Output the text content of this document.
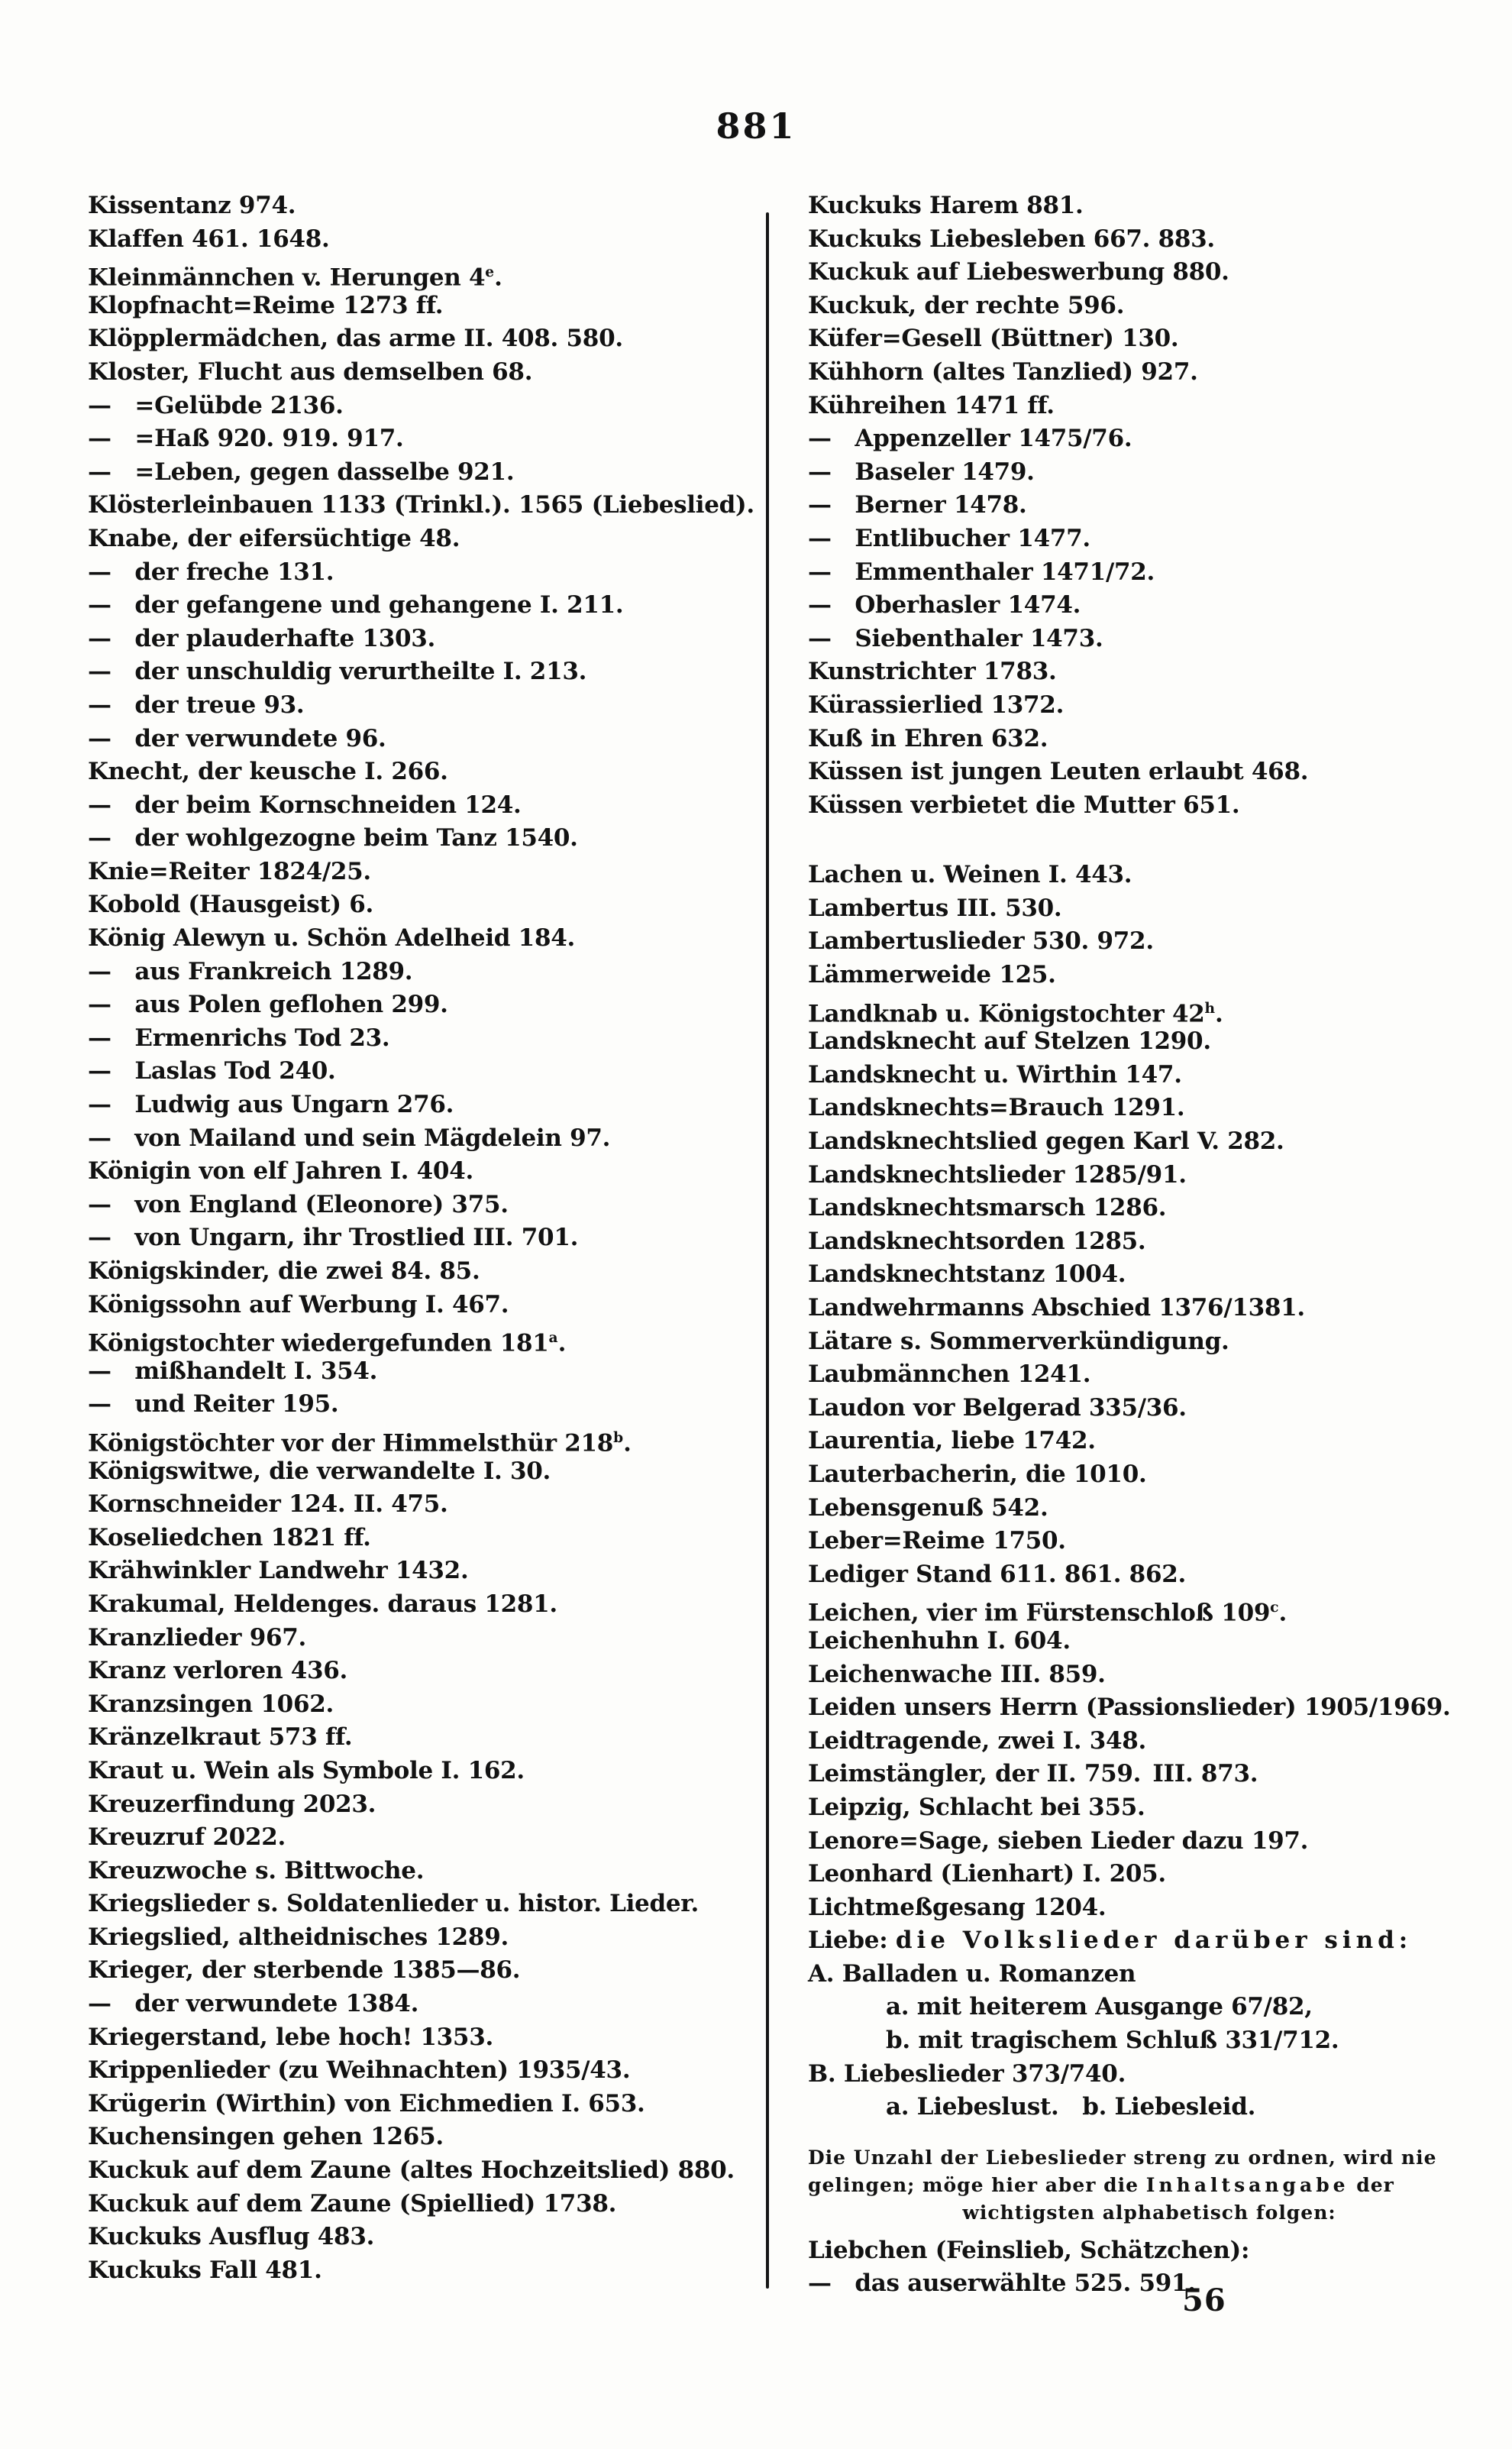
881
Kissentanz 974.
Klaffen 461. 1648.
Kleinmännchen v. Herungen 4e.
Klopfnacht=Reime 1273 ff.
Klöpplermädchen, das arme II. 408. 580.
Kloster, Flucht aus demselben 68.
— =Gelübde 2136.
— =Haß 920. 919. 917.
— =Leben, gegen dasselbe 921.
Klösterleinbauen 1133 (Trinkl.). 1565 (Liebeslied).
Knabe, der eifersüchtige 48.
— der freche 131.
— der gefangene und gehangene I. 211.
— der plauderhafte 1303.
— der unschuldig verurtheilte I. 213.
— der treue 93.
— der verwundete 96.
Knecht, der keusche I. 266.
— der beim Kornschneiden 124.
— der wohlgezogne beim Tanz 1540.
Knie=Reiter 1824/25.
Kobold (Hausgeist) 6.
König Alewyn u. Schön Adelheid 184.
— aus Frankreich 1289.
— aus Polen geflohen 299.
— Ermenrichs Tod 23.
— Laslas Tod 240.
— Ludwig aus Ungarn 276.
— von Mailand und sein Mägdelein 97.
Königin von elf Jahren I. 404.
— von England (Eleonore) 375.
— von Ungarn, ihr Trostlied III. 701.
Königskinder, die zwei 84. 85.
Königssohn auf Werbung I. 467.
Königstochter wiedergefunden 181$^a$.
— mißhandelt I. 354.
— und Reiter 195.
Königstöchter vor der Himmelsthür 218$^b$.
Königswitwe, die verwandelte I. 30.
Kornschneider 124. II. 475.
Koseliedchen 1821 ff.
Krähwinkler Landwehr 1432.
Krakumal, Heldenges. daraus 1281.
Kranzlieder 967.
Kranz verloren 436.
Kranzsingen 1062.
Kränzelkraut 573 ff.
Kraut u. Wein als Symbole I. 162.
Kreuzerfindung 2023.
Kreuzruf 2022.
Kreuzwoche s. Bittwoche.
Kriegslieder s. Soldatenlieder u. histor. Lieder.
Kriegslied, altheidnisches 1289.
Krieger, der sterbende 1385—86.
— der verwundete 1384.
Kriegerstand, lebe hoch! 1353.
Krippenlieder (zu Weihnachten) 1935/43.
Krügerin (Wirthin) von Eichmedien I. 653.
Kuchensingen gehen 1265.
Kuckuk auf dem Zaune (altes Hochzeitslied) 880.
Kuckuk auf dem Zaune (Spiellied) 1738.
Kuckuks Ausflug 483.
Kuckuks Fall 481.
Kuckuks Harem 881.
Kuckuks Liebesleben 667. 883.
Kuckuk auf Liebeswerbung 880.
Kuckuk, der rechte 596.
Küfer=Gesell (Büttner) 130.
Kühhorn (altes Tanzlied) 927.
Kühreihen 1471 ff.
— Appenzeller 1475/76.
— Baseler 1479.
— Berner 1478.
— Entlibucher 1477.
— Emmenthaler 1471/72.
— Oberhasler 1474.
— Siebenthaler 1473.
Kunstrichter 1783.
Kürassierlied 1372.
Kuß in Ehren 632.
Küssen ist jungen Leuten erlaubt 468.
Küssen verbietet die Mutter 651.
Lachen u. Weinen I. 443.
Lambertus III. 530.
Lambertuslieder 530. 972.
Lämmerweide 125.
Landknab u. Königstochter 42$^h$.
Landsknecht auf Stelzen 1290.
Landsknecht u. Wirthin 147.
Landsknechts=Brauch 1291.
Landsknechtslied gegen Karl V. 282.
Landsknechtslieder 1285/91.
Landsknechtsmarsch 1286.
Landsknechtsorden 1285.
Landsknechtstanz 1004.
Landwehrmanns Abschied 1376/1381.
Lätare s. Sommerverkündigung.
Laubmännchen 1241.
Laudon vor Belgerad 335/36.
Laurentia, liebe 1742.
Lauterbacherin, die 1010.
Lebensgenuß 542.
Leber=Reime 1750.
Lediger Stand 611. 861. 862.
Leichen, vier im Fürstenschloß 109$^c$.
Leichenhuhn I. 604.
Leichenwache III. 859.
Leiden unsers Herrn (Passionslieder) 1905/1969.
Leidtragende, zwei I. 348.
Leimstängler, der II. 759. III. 873.
Leipzig, Schlacht bei 355.
Lenore=Sage, sieben Lieder dazu 197.
Leonhard (Lienhart) I. 205.
Lichtmeßgesang 1204.
Liebe: die Volkslieder darüber sind:
A. Balladen u. Romanzen
a. mit heiterem Ausgange 67/82,
b. mit tragischem Schluß 331/712.
B. Liebeslieder 373/740.
a. Liebeslust. b. Liebesleid.
Die Unzahl der Liebeslieder streng zu ordnen, wird nie
gelingen; möge hier aber die Inhaltsangabe der
wichtigsten alphabetisch folgen:
Liebchen (Feinslieb, Schätzchen):
— das auserwählte 525. 591.
56
